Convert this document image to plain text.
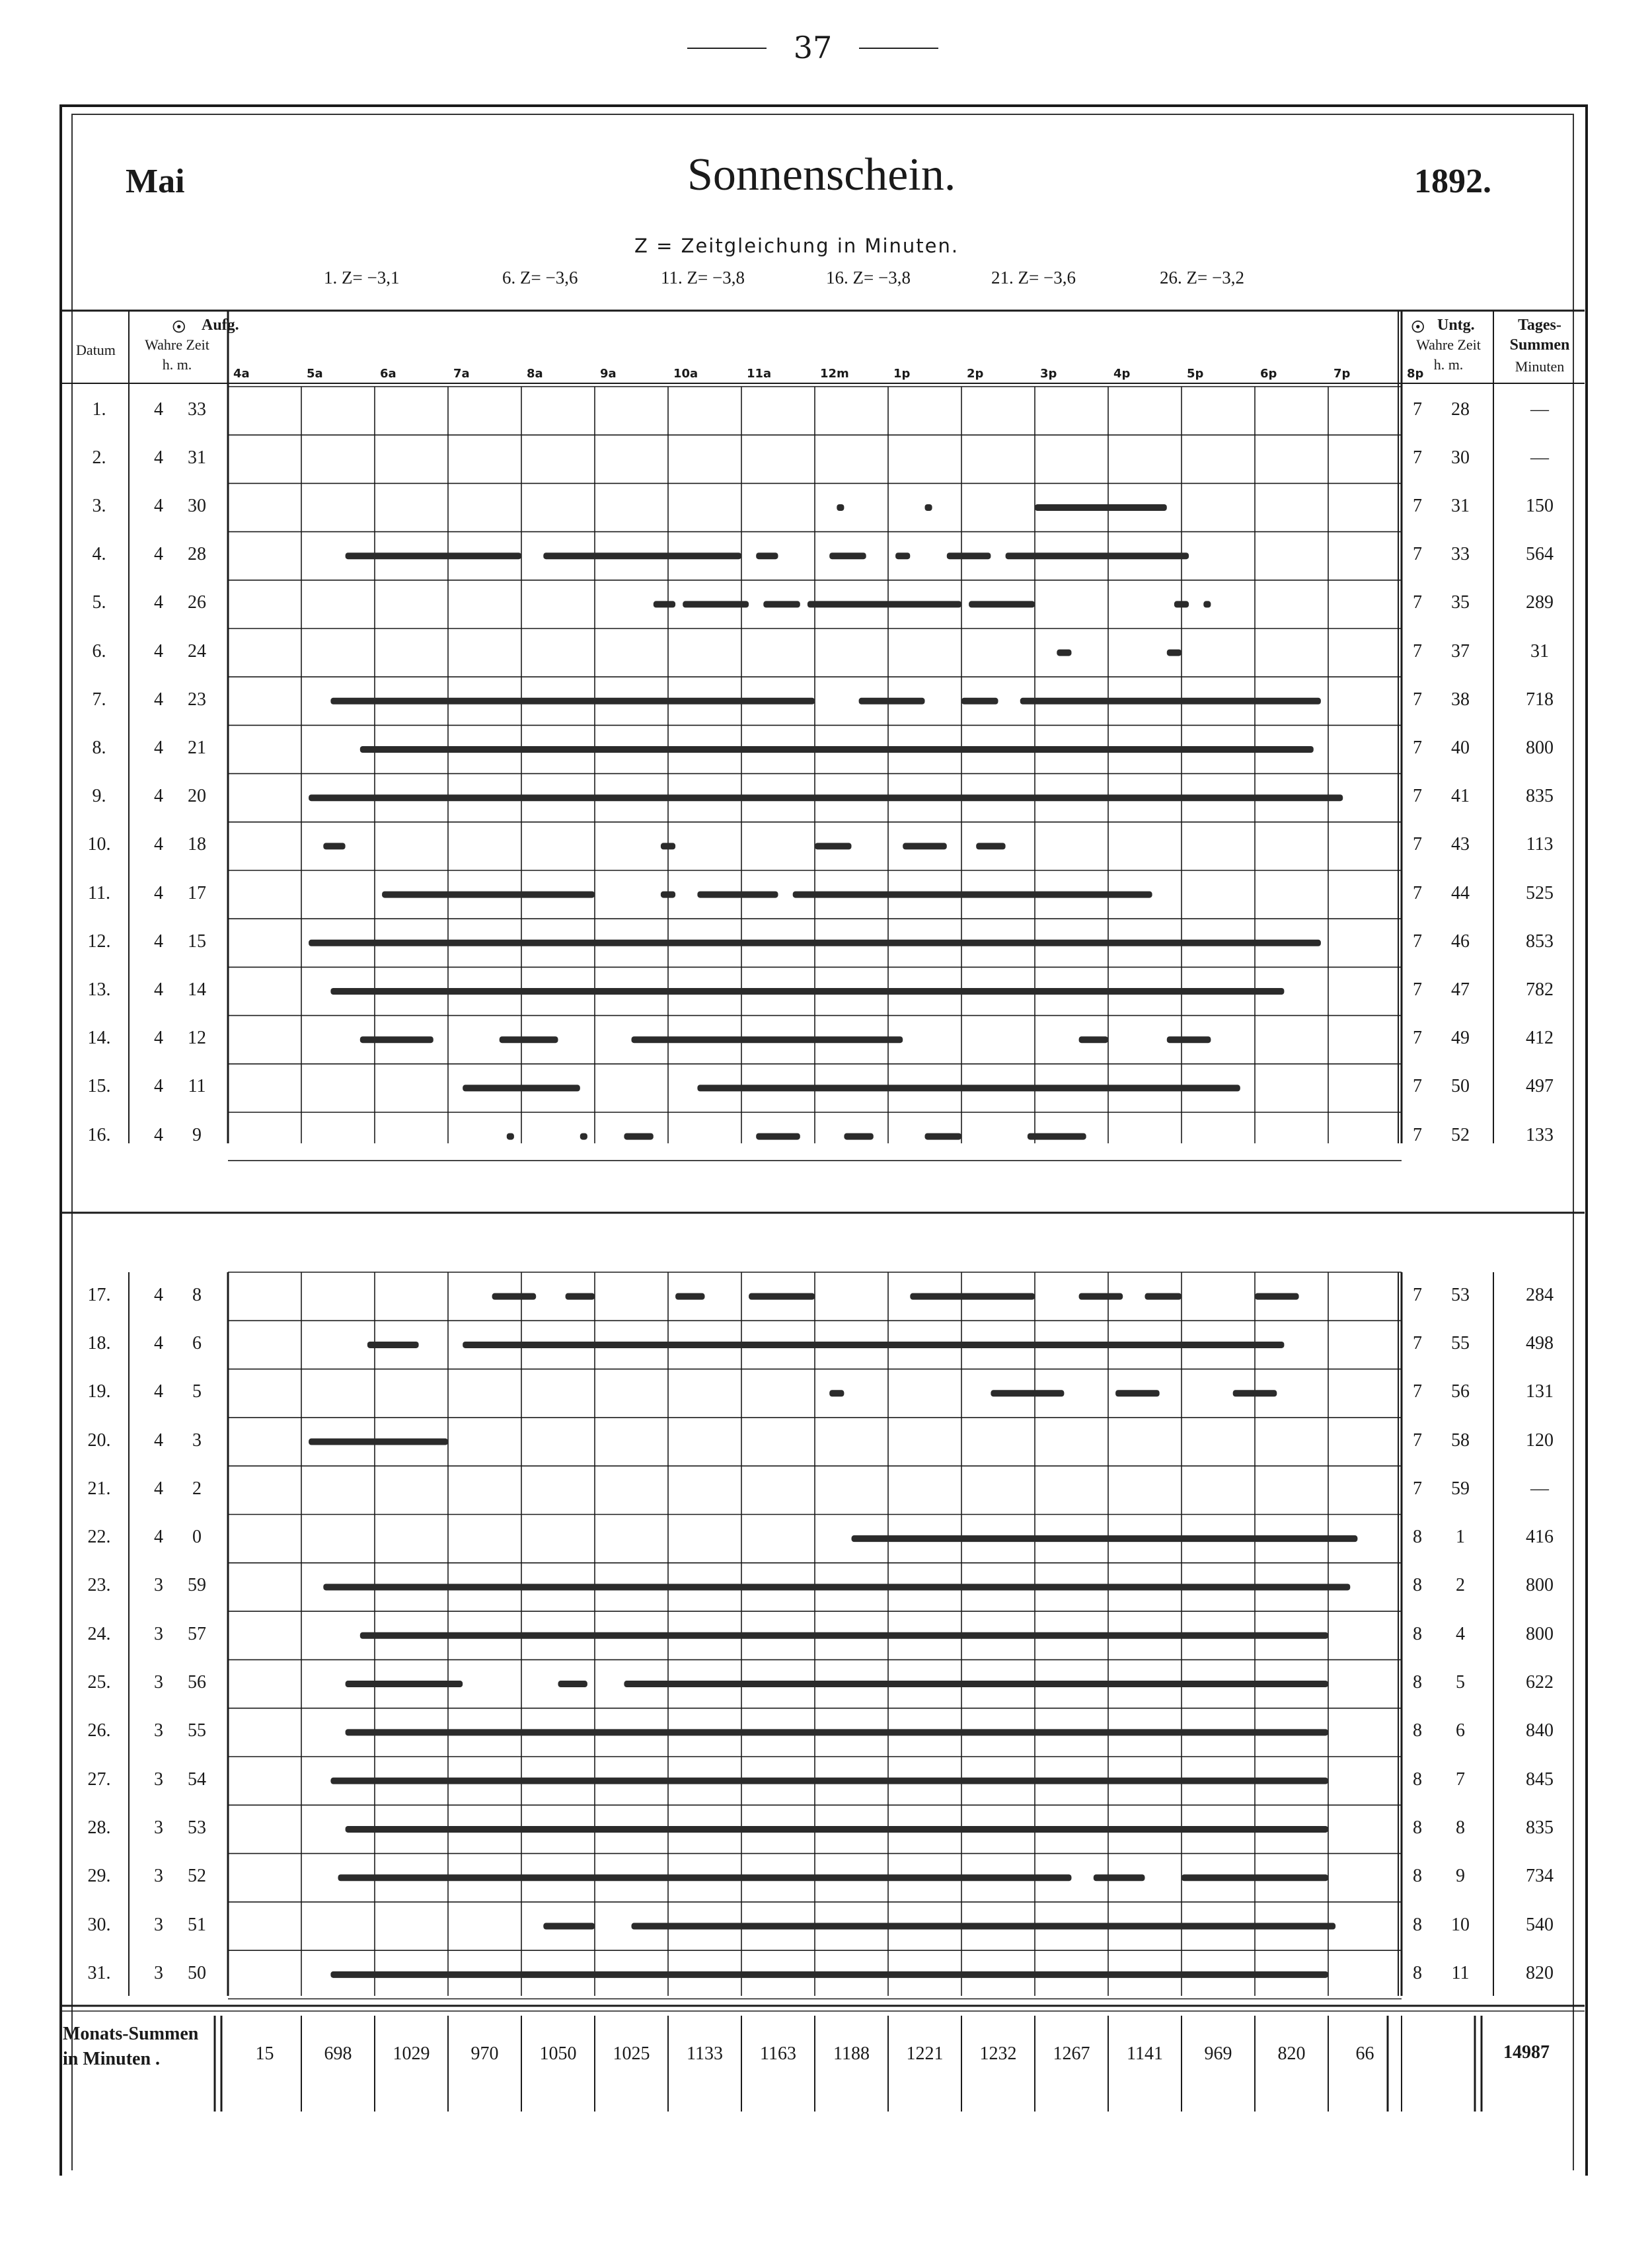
37
Mai	Sonnenschein.	1892.
Z = Zeitgleichung in Minuten.
1. Z= −3,1	6. Z= −3,6	11. Z= −3,8	16. Z= −3,8	21. Z= −3,6	26. Z= −3,2
Datum
☉ Aufg.
Wahre Zeit
h. m.
☉ Untg.
Wahre Zeit
h. m.
Tages-
Summen
Minuten
4a	5a	6a	7a	8a	9a	10a	11a	12m	1p	2p	3p	4p	5p	6p	7p	8p
1.	4	33	7	28	—
2.	4	31	7	30	—
3.	4	30	7	31	150
4.	4	28	7	33	564
5.	4	26	7	35	289
6.	4	24	7	37	31
7.	4	23	7	38	718
8.	4	21	7	40	800
9.	4	20	7	41	835
10.	4	18	7	43	113
11.	4	17	7	44	525
12.	4	15	7	46	853
13.	4	14	7	47	782
14.	4	12	7	49	412
15.	4	11	7	50	497
16.	4	9	7	52	133
17.	4	8	7	53	284
18.	4	6	7	55	498
19.	4	5	7	56	131
20.	4	3	7	58	120
21.	4	2	7	59	—
22.	4	0	8	1	416
23.	3	59	8	2	800
24.	3	57	8	4	800
25.	3	56	8	5	622
26.	3	55	8	6	840
27.	3	54	8	7	845
28.	3	53	8	8	835
29.	3	52	8	9	734
30.	3	51	8	10	540
31.	3	50	8	11	820
Monats-Summen
in Minuten .	15	698	1029	970	1050	1025	1133	1163	1188	1221	1232	1267	1141	969	820	66	14987
